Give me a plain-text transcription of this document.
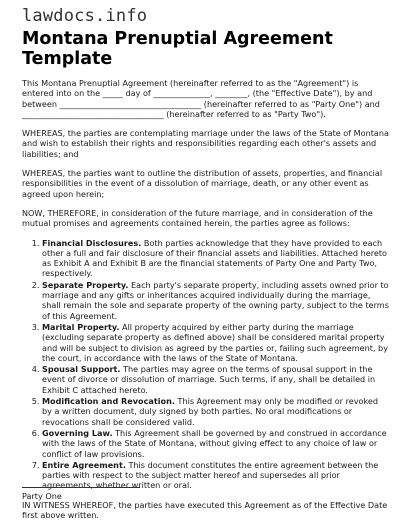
lawdocs.info
Montana Prenuptial Agreement Template

This Montana Prenuptial Agreement (hereinafter referred to as the "Agreement") is entered into on the _____ day of ______________, ________, (the "Effective Date"), by and between ___________________________________ (hereinafter referred to as "Party One") and ___________________________________ (hereinafter referred to as "Party Two").

WHEREAS, the parties are contemplating marriage under the laws of the State of Montana and wish to establish their rights and responsibilities regarding each other's assets and liabilities; and

WHEREAS, the parties want to outline the distribution of assets, properties, and financial responsibilities in the event of a dissolution of marriage, death, or any other event as agreed upon herein;

NOW, THEREFORE, in consideration of the future marriage, and in consideration of the mutual promises and agreements contained herein, the parties agree as follows:

1. Financial Disclosures. Both parties acknowledge that they have provided to each other a full and fair disclosure of their financial assets and liabilities. Attached hereto as Exhibit A and Exhibit B are the financial statements of Party One and Party Two, respectively.
2. Separate Property. Each party's separate property, including assets owned prior to marriage and any gifts or inheritances acquired individually during the marriage, shall remain the sole and separate property of the owning party, subject to the terms of this Agreement.
3. Marital Property. All property acquired by either party during the marriage (excluding separate property as defined above) shall be considered marital property and will be subject to division as agreed by the parties or, failing such agreement, by the court, in accordance with the laws of the State of Montana.
4. Spousal Support. The parties may agree on the terms of spousal support in the event of divorce or dissolution of marriage. Such terms, if any, shall be detailed in Exhibit C attached hereto.
5. Modification and Revocation. This Agreement may only be modified or revoked by a written document, duly signed by both parties. No oral modifications or revocations shall be considered valid.
6. Governing Law. This Agreement shall be governed by and construed in accordance with the laws of the State of Montana, without giving effect to any choice of law or conflict of law provisions.
7. Entire Agreement. This document constitutes the entire agreement between the parties with respect to the subject matter hereof and supersedes all prior agreements, whether written or oral.

IN WITNESS WHEREOF, the parties have executed this Agreement as of the Effective Date first above written.

Party One
